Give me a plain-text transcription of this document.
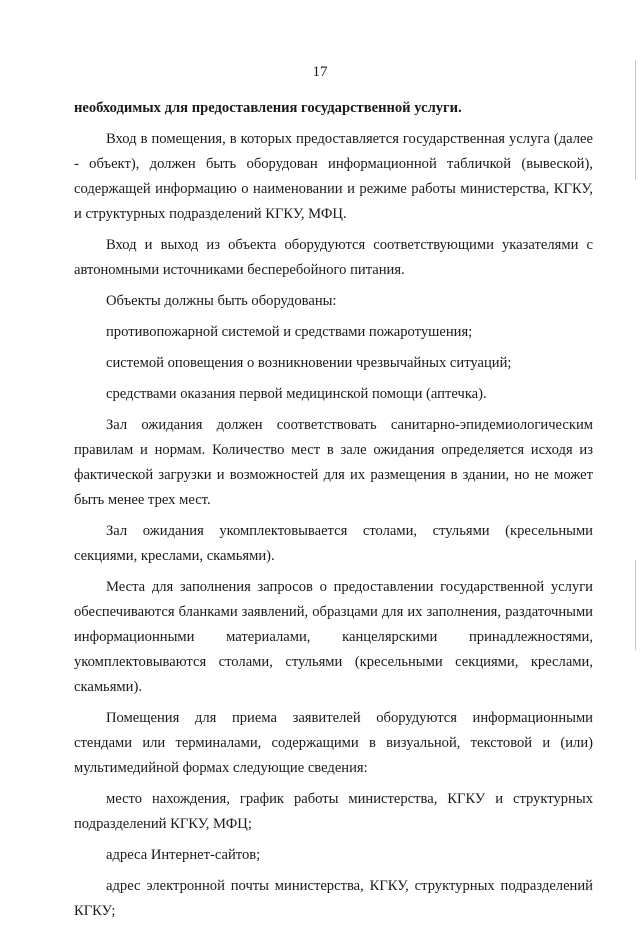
17

необходимых для предоставления государственной услуги.

Вход в помещения, в которых предоставляется государственная услуга (далее - объект), должен быть оборудован информационной табличкой (вывеской), содержащей информацию о наименовании и режиме работы министерства, КГКУ, и структурных подразделений КГКУ, МФЦ.

Вход и выход из объекта оборудуются соответствующими указателями с автономными источниками бесперебойного питания.

Объекты должны быть оборудованы:

противопожарной системой и средствами пожаротушения;

системой оповещения о возникновении чрезвычайных ситуаций;

средствами оказания первой медицинской помощи (аптечка).

Зал ожидания должен соответствовать санитарно-эпидемиологическим правилам и нормам. Количество мест в зале ожидания определяется исходя из фактической загрузки и возможностей для их размещения в здании, но не может быть менее трех мест.

Зал ожидания укомплектовывается столами, стульями (кресельными секциями, креслами, скамьями).

Места для заполнения запросов о предоставлении государственной услуги обеспечиваются бланками заявлений, образцами для их заполнения, раздаточными информационными материалами, канцелярскими принадлежностями, укомплектовываются столами, стульями (кресельными секциями, креслами, скамьями).

Помещения для приема заявителей оборудуются информационными стендами или терминалами, содержащими в визуальной, текстовой и (или) мультимедийной формах следующие сведения:

место нахождения, график работы министерства, КГКУ и структурных подразделений КГКУ, МФЦ;

адреса Интернет-сайтов;

адрес электронной почты министерства, КГКУ, структурных подразделений КГКУ;
